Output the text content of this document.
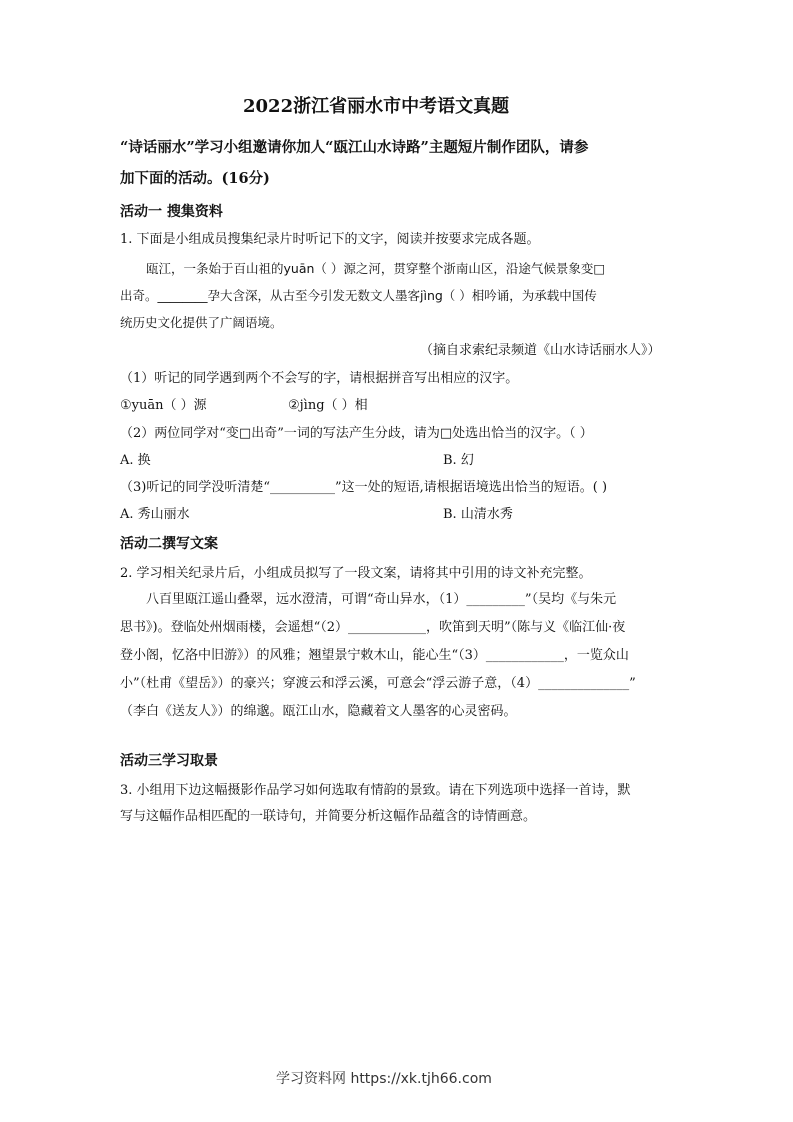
2022浙江省丽水市中考语文真题
“诗话丽水”学习小组邀请你加人“瓯江山水诗路”主题短片制作团队，请参
加下面的活动。(16分)
活动一 搜集资料
1. 下面是小组成员搜集纪录片时听记下的文字，阅读并按要求完成各题。
瓯江，一条始于百山祖的yuān（ ）源之河，贯穿整个浙南山区，沿途气候景象变□
出奇。________孕大含深，从古至今引发无数文人墨客jìng（ ）相吟诵，为承载中国传
统历史文化提供了广阔语境。
（摘自求索纪录频道《山水诗话丽水人》）
（1）听记的同学遇到两个不会写的字，请根据拼音写出相应的汉字。
①yuān（ ）源	②jìng（ ）相
（2）两位同学对“变□出奇”一词的写法产生分歧，请为□处选出恰当的汉字。（ ）
A. 换	B. 幻
（3)听记的同学没听清楚“__________”这一处的短语,请根据语境选出恰当的短语。( )
A. 秀山丽水	B. 山清水秀
活动二撰写文案
2. 学习相关纪录片后，小组成员拟写了一段文案，请将其中引用的诗文补充完整。
八百里瓯江遥山叠翠，远水澄清，可谓“奇山异水，（1）_________”（吴均《与朱元
思书》)。登临处州烟雨楼，会遥想“（2）____________，吹笛到天明”（陈与义《临江仙·夜
登小阁，忆洛中旧游》）的风雅；翘望景宁敕木山，能心生“（3）____________，一览众山
小”（杜甫《望岳》）的豪兴；穿渡云和浮云溪，可意会“浮云游子意，（4）______________”
（李白《送友人》）的绵邈。瓯江山水，隐藏着文人墨客的心灵密码。
活动三学习取景
3. 小组用下边这幅摄影作品学习如何选取有情韵的景致。请在下列选项中选择一首诗，默
写与这幅作品相匹配的一联诗句，并简要分析这幅作品蕴含的诗情画意。
学习资料网 https://xk.tjh66.com
